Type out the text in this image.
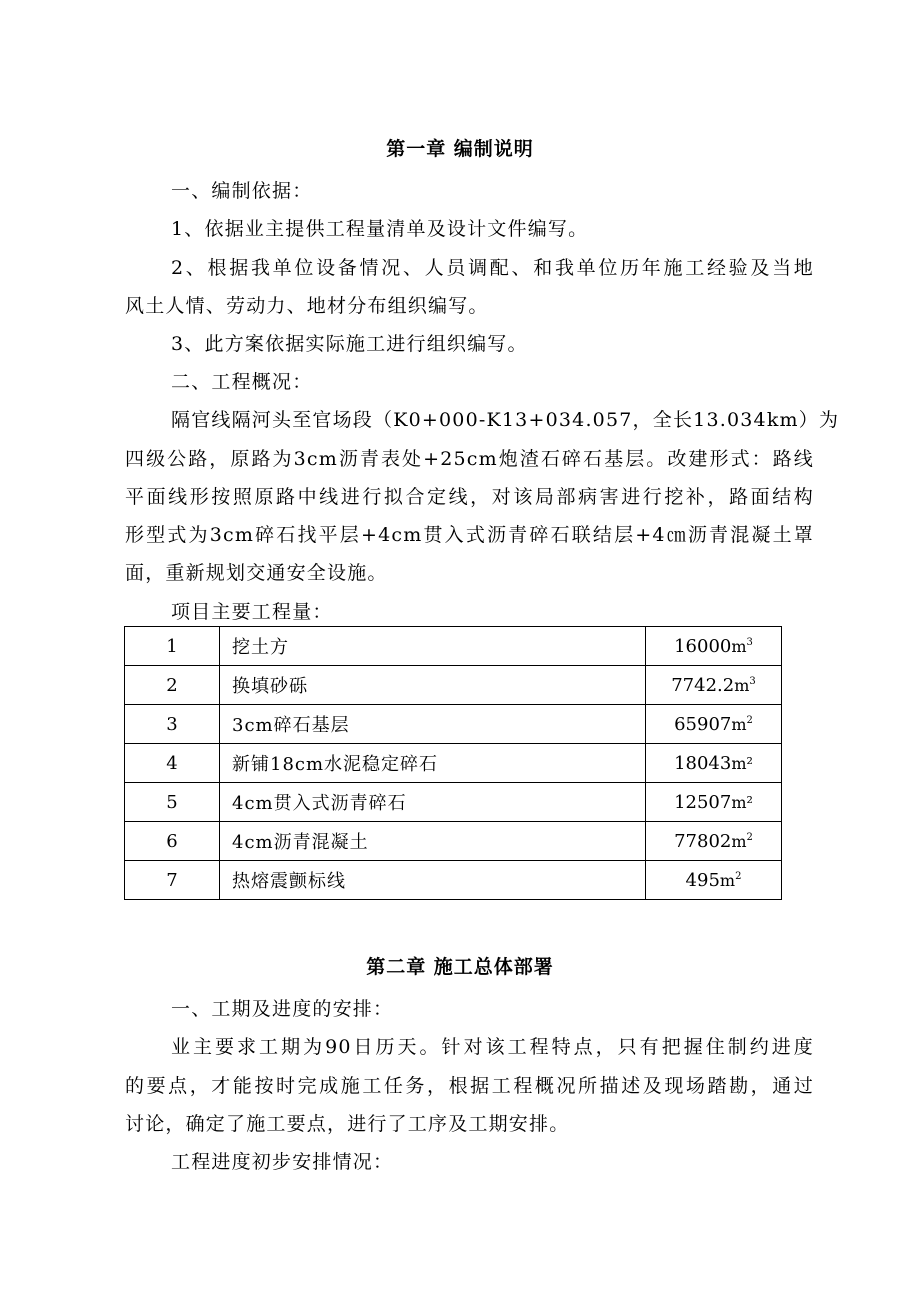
第一章 编制说明

一、编制依据：

1、依据业主提供工程量清单及设计文件编写。

2、根据我单位设备情况、人员调配、和我单位历年施工经验及当地

风土人情、劳动力、地材分布组织编写。

3、此方案依据实际施工进行组织编写。

二、工程概况：

隔官线隔河头至官场段（K0+000-K13+034.057，全长13.034km）为

四级公路，原路为3cm沥青表处+25cm炮渣石碎石基层。改建形式：路线

平面线形按照原路中线进行拟合定线，对该局部病害进行挖补，路面结构

形型式为3cm碎石找平层+4cm贯入式沥青碎石联结层+4㎝沥青混凝土罩

面，重新规划交通安全设施。

项目主要工程量：

1	挖土方	$16000m^3$
2	换填砂砾	$7742.2m^3$
3	3cm碎石基层	$65907m^2$
4	新铺18cm水泥稳定碎石	18043m²
5	4cm贯入式沥青碎石	12507m²
6	4cm沥青混凝土	$77802m^2$
7	热熔震颤标线	$495m^2$
第二章 施工总体部署

一、工期及进度的安排：

业主要求工期为90日历天。针对该工程特点，只有把握住制约进度

的要点，才能按时完成施工任务，根据工程概况所描述及现场踏勘，通过

讨论，确定了施工要点，进行了工序及工期安排。

工程进度初步安排情况：
